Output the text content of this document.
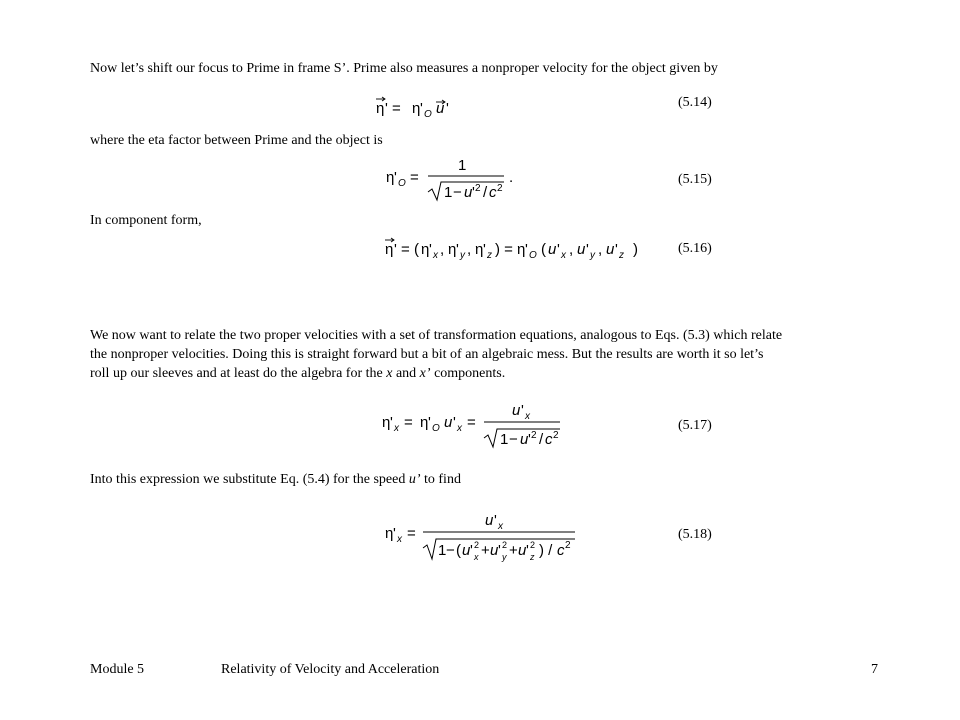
Now let’s shift our focus to Prime in frame S’. Prime also measures a nonproper velocity for the object given by
η ' = η ' O u '	(5.14)
where the eta factor between Prime and the object is
η ' O =
1
1 − u ' 2 / c 2
.	(5.15)
In component form,
η ' = ( η ' x , η ' y , η ' z ) = η ' O ( u ' x , u ' y , u ' z )	(5.16)
We now want to relate the two proper velocities with a set of transformation equations, analogous to Eqs. (5.3) which relate
the nonproper velocities. Doing this is straight forward but a bit of an algebraic mess. But the results are worth it so let’s
roll up our sleeves and at least do the algebra for the x and x’ components.
η ' x = η ' O u ' x =
u ' x
1 − u ' 2 / c 2
(5.17)
Into this expression we substitute Eq. (5.4) for the speed u’ to find
η ' x =
u ' x
1 − ( u ' 2
x + u ' 2
y + u ' 2
z ) / c 2
(5.18)
Module 5	Relativity of Velocity and Acceleration	7
